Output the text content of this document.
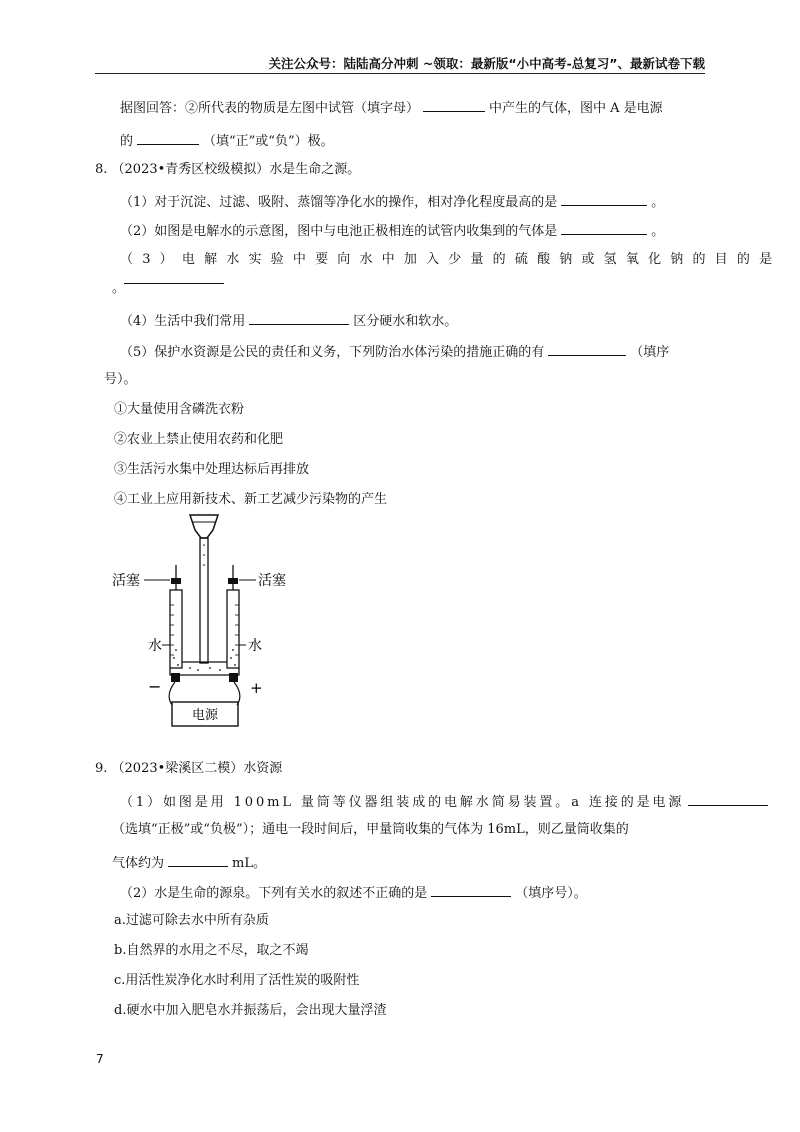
关注公众号：陆陆高分冲刺 ~领取：最新版“小中高考-总复习”、最新试卷下载
据图回答：②所代表的物质是左图中试管（填字母）	中产生的气体，图中 A 是电源
的	（填“正”或“负”）极。
8. （2023•青秀区校级模拟）水是生命之源。
（1）对于沉淀、过滤、吸附、蒸馏等净化水的操作，相对净化程度最高的是	。
（2）如图是电解水的示意图，图中与电池正极相连的试管内收集到的气体是	。
（3）电解水实验中要向水中加入少量的硫酸钠或氢氧化钠的目的是
。
（4）生活中我们常用	区分硬水和软水。
（5）保护水资源是公民的责任和义务，下列防治水体污染的措施正确的有	（填序
号）。
①大量使用含磷洗衣粉
②农业上禁止使用农药和化肥
③生活污水集中处理达标后再排放
④工业上应用新技术、新工艺减少污染物的产生
电源
活塞	活塞
水	水
−	+
9. （2023•梁溪区二模）水资源
（1）如图是用 100mL 量筒等仪器组装成的电解水简易装置。a 连接的是电源
（选填“正极”或“负极”）；通电一段时间后，甲量筒收集的气体为 16mL，则乙量筒收集的
气体约为	mL。
（2）水是生命的源泉。下列有关水的叙述不正确的是	（填序号）。
a.过滤可除去水中所有杂质
b.自然界的水用之不尽，取之不竭
c.用活性炭净化水时利用了活性炭的吸附性
d.硬水中加入肥皂水并振荡后，会出现大量浮渣
7
